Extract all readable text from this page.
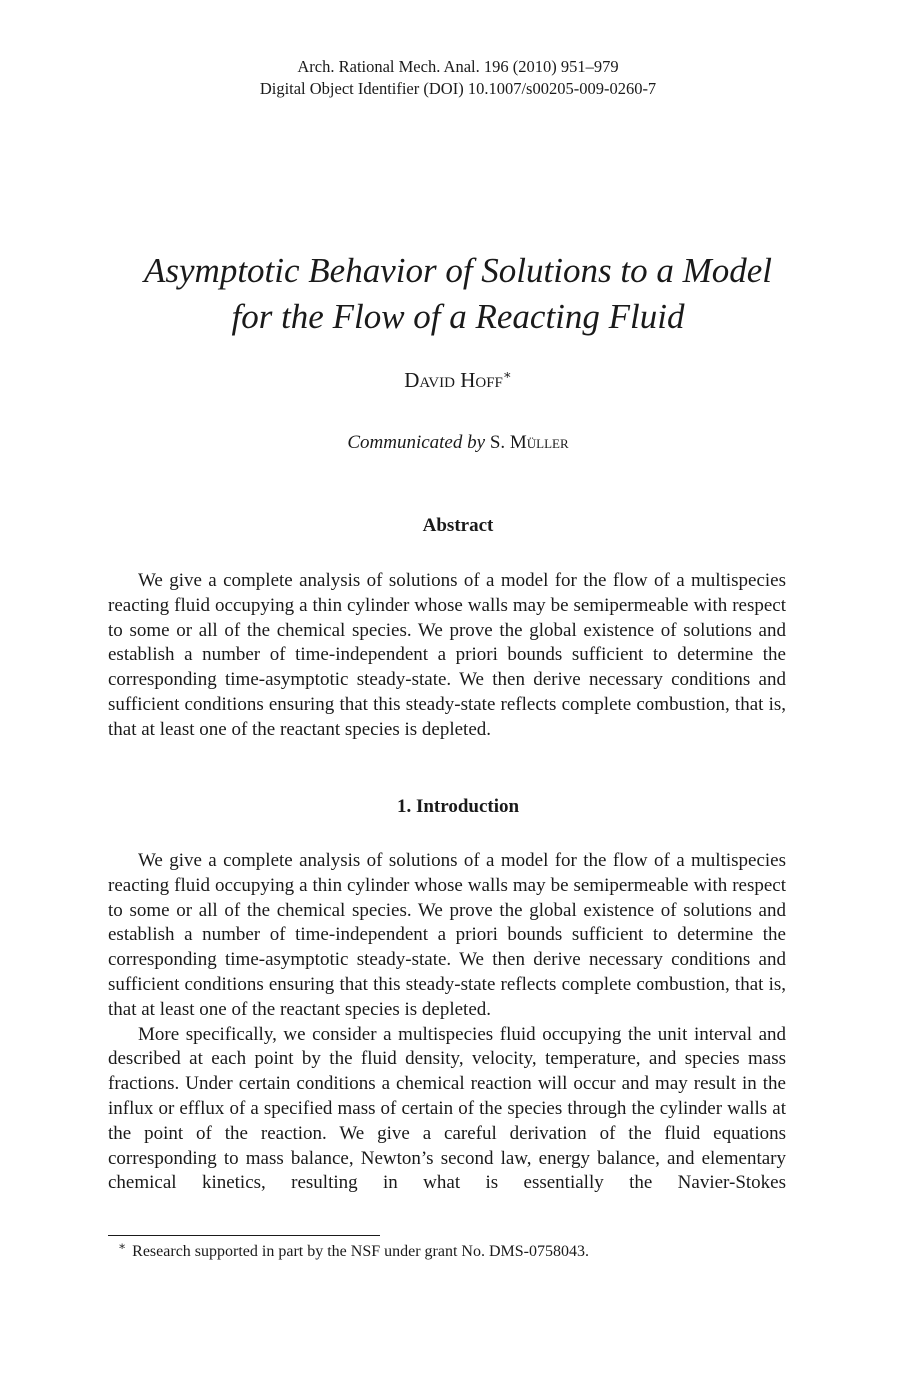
Arch. Rational Mech. Anal. 196 (2010) 951–979
Digital Object Identifier (DOI) 10.1007/s00205-009-0260-7
Asymptotic Behavior of Solutions to a Model
for the Flow of a Reacting Fluid
David Hoff∗
Communicated by S. Müller
Abstract

We give a complete analysis of solutions of a model for the flow of a multispecies reacting fluid occupying a thin cylinder whose walls may be semipermeable with respect to some or all of the chemical species. We prove the global existence of solutions and establish a number of time-independent a priori bounds sufficient to determine the corresponding time-asymptotic steady-state. We then derive necessary conditions and sufficient conditions ensuring that this steady-state reflects complete combustion, that is, that at least one of the reactant species is depleted.

1. Introduction

We give a complete analysis of solutions of a model for the flow of a multispecies reacting fluid occupying a thin cylinder whose walls may be semipermeable with respect to some or all of the chemical species. We prove the global existence of solutions and establish a number of time-independent a priori bounds sufficient to determine the corresponding time-asymptotic steady-state. We then derive necessary conditions and sufficient conditions ensuring that this steady-state reflects complete combustion, that is, that at least one of the reactant species is depleted.

More specifically, we consider a multispecies fluid occupying the unit interval and described at each point by the fluid density, velocity, temperature, and species mass fractions. Under certain conditions a chemical reaction will occur and may result in the influx or efflux of a specified mass of certain of the species through the cylinder walls at the point of the reaction. We give a careful derivation of the fluid equations corresponding to mass balance, Newton’s second law, energy balance, and elementary chemical kinetics, resulting in what is essentially the Navier-Stokes

∗ Research supported in part by the NSF under grant No. DMS-0758043.
